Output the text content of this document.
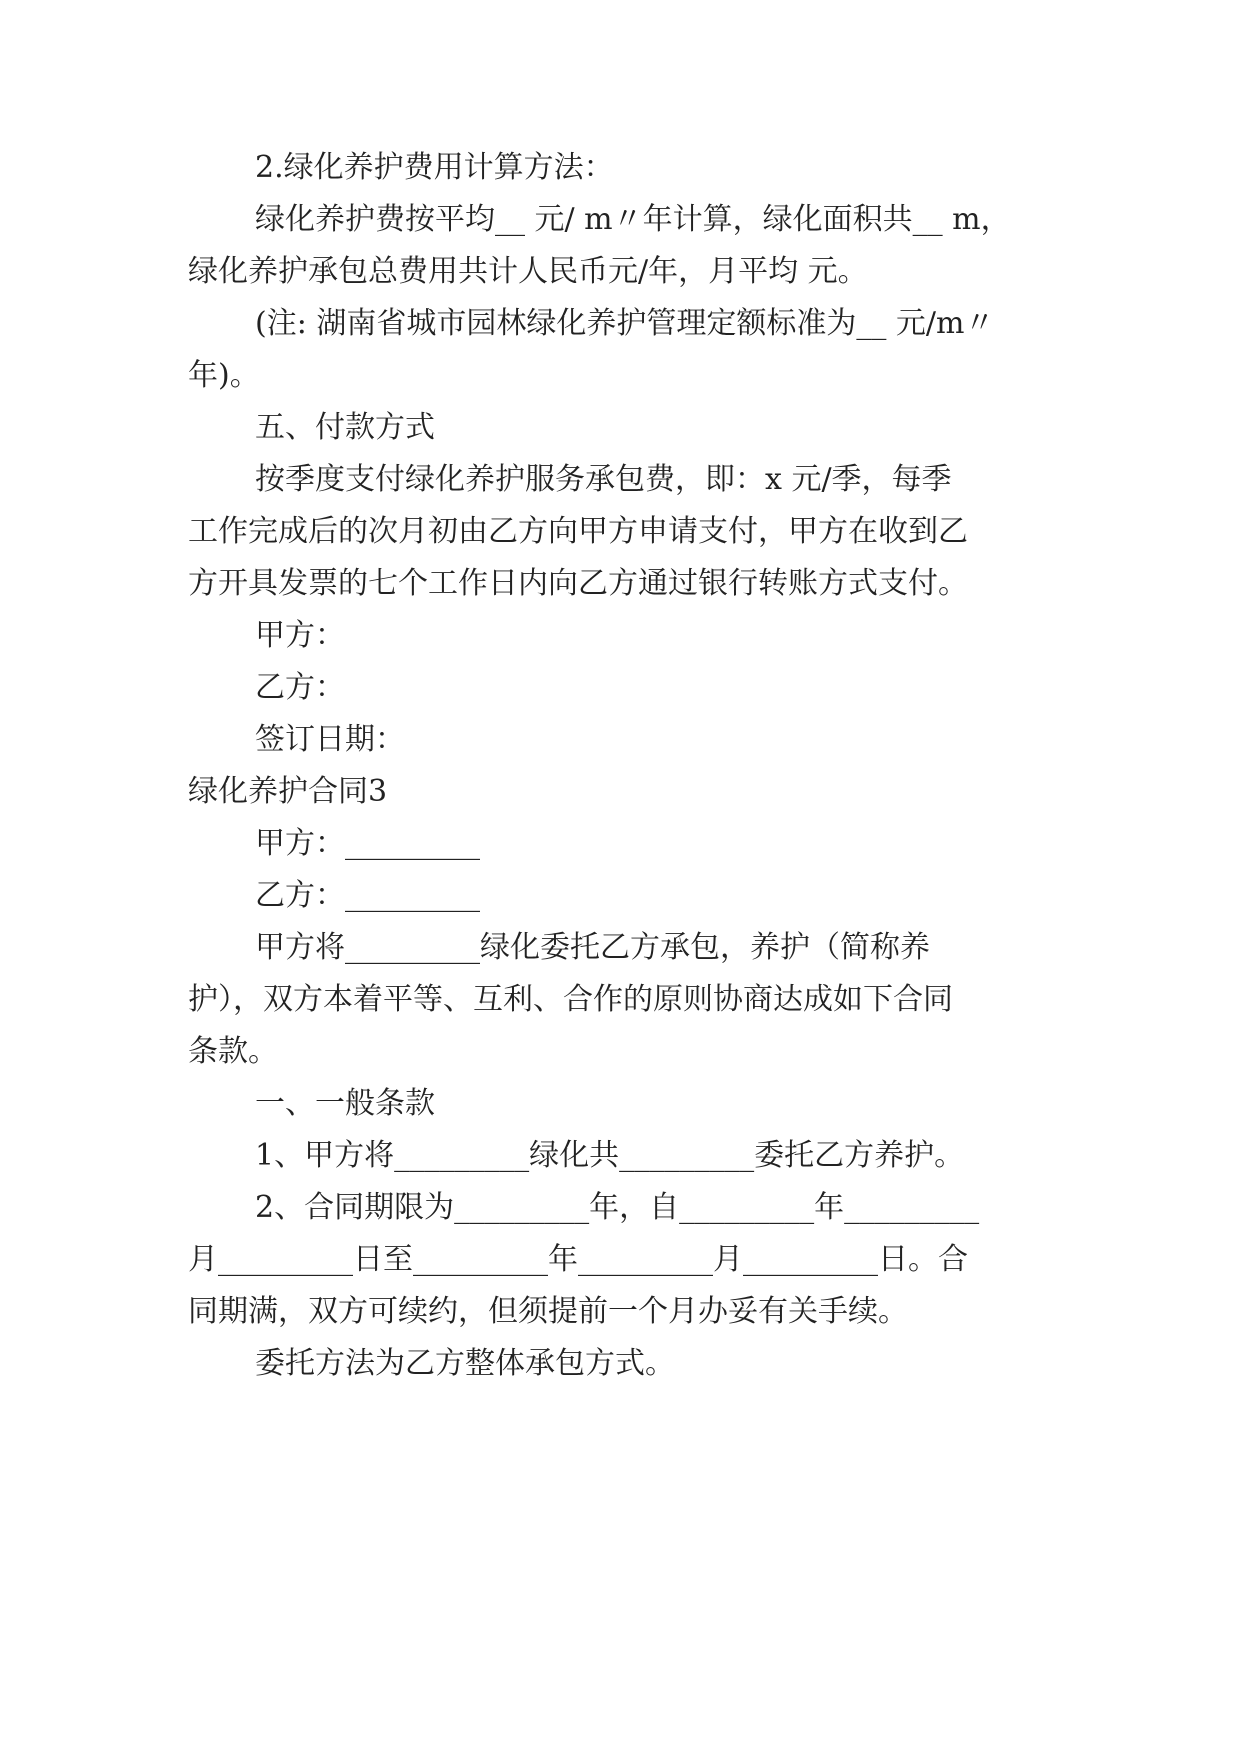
2.绿化养护费用计算方法：
绿化养护费按平均__ 元/ m〃年计算，绿化面积共__ m，
绿化养护承包总费用共计人民币元/年，月平均 元。
(注: 湖南省城市园林绿化养护管理定额标准为__ 元/m〃
年)。
五、付款方式
按季度支付绿化养护服务承包费，即：x 元/季，每季
工作完成后的次月初由乙方向甲方申请支付，甲方在收到乙
方开具发票的七个工作日内向乙方通过银行转账方式支付。
甲方：
乙方：
签订日期：
绿化养护合同3
甲方：_________
乙方：_________
甲方将_________绿化委托乙方承包，养护（简称养
护），双方本着平等、互利、合作的原则协商达成如下合同
条款。
一、一般条款
1、甲方将_________绿化共_________委托乙方养护。
2、合同期限为_________年，自_________年_________
月_________日至_________年_________月_________日。合
同期满，双方可续约，但须提前一个月办妥有关手续。
委托方法为乙方整体承包方式。
